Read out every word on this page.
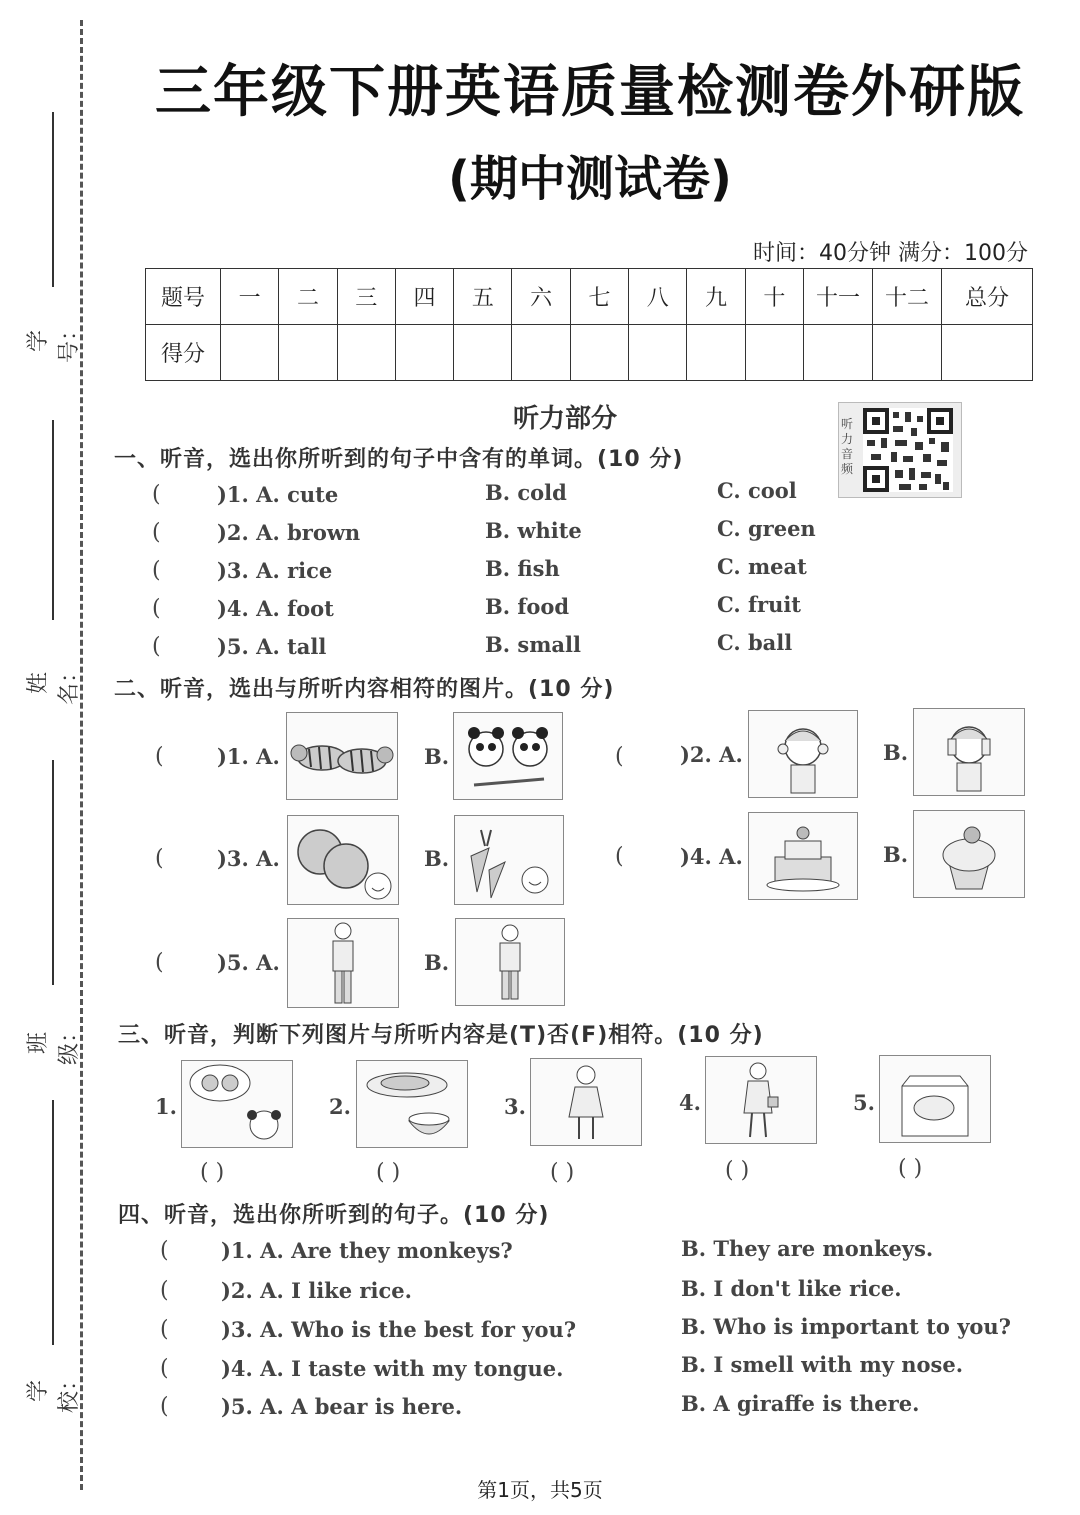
学号：
姓名：
班级：
学校：
三年级下册英语质量检测卷外研版
(期中测试卷)
时间：40分钟 满分：100分
题号	一	二	三	四	五	六	七	八	九	十	十一	十二	总分
得分													
听力部分	听力音频
一、听音，选出你所听到的句子中含有的单词。(10 分)
(	)1. A. cute	B. cold	C. cool
(	)2. A. brown	B. white	C. green
(	)3. A. rice	B. fish	C. meat
(	)4. A. foot	B. food	C. fruit
(	)5. A. tall	B. small	C. ball
二、听音，选出与所听内容相符的图片。(10 分)
(	)1. A.	B.	(	)2. A.	B.
(	)3. A.	B.	(	)4. A.	B.
(	)5. A.	B.
三、听音，判断下列图片与所听内容是(T)否(F)相符。(10 分)
1.
( )
2.
( )
3.
( )
4.
( )
5.
( )
四、听音，选出你所听到的句子。(10 分)
( )1. A. Are they monkeys?	B. They are monkeys.
( )2. A. I like rice.	B. I don't like rice.
( )3. A. Who is the best for you?	B. Who is important to you?
( )4. A. I taste with my tongue.	B. I smell with my nose.
( )5. A. A bear is here.	B. A giraffe is there.
第1页，共5页
